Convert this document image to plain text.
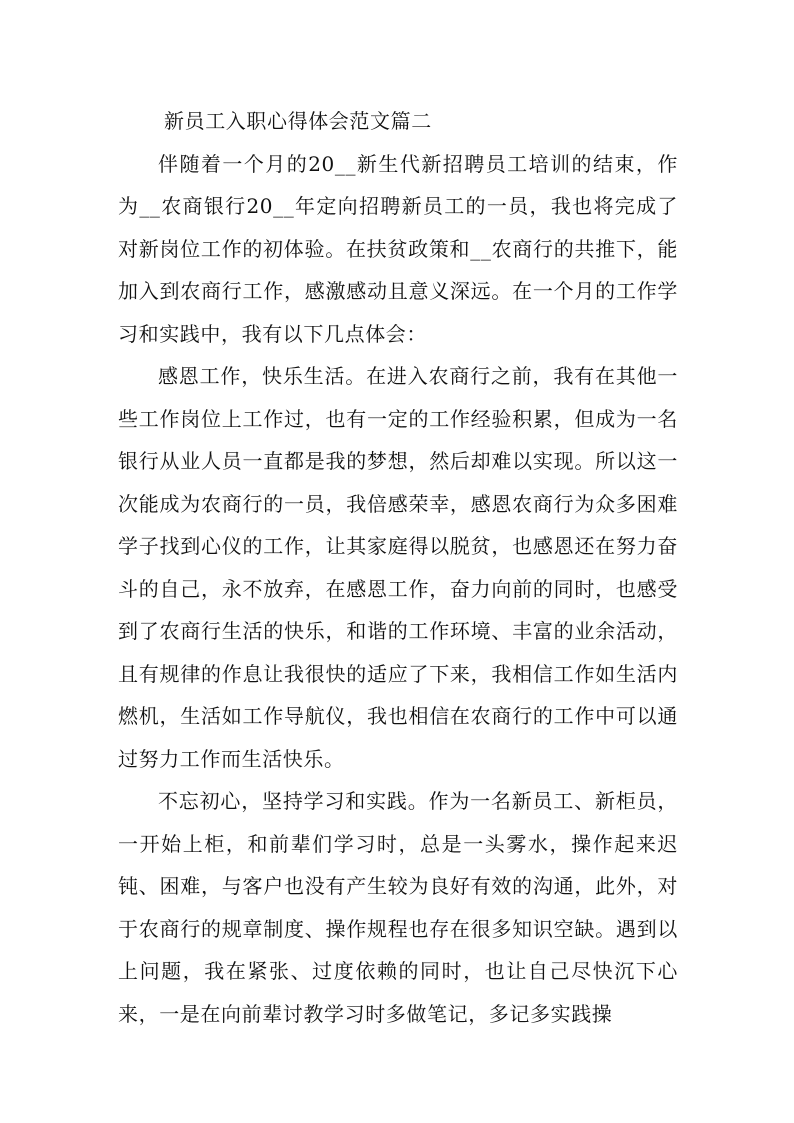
新员工入职心得体会范文篇二

伴随着一个月的20__新生代新招聘员工培训的结束，作为__农商银行20__年定向招聘新员工的一员，我也将完成了对新岗位工作的初体验。在扶贫政策和__农商行的共推下，能加入到农商行工作，感激感动且意义深远。在一个月的工作学习和实践中，我有以下几点体会：

感恩工作，快乐生活。在进入农商行之前，我有在其他一些工作岗位上工作过，也有一定的工作经验积累，但成为一名银行从业人员一直都是我的梦想，然后却难以实现。所以这一次能成为农商行的一员，我倍感荣幸，感恩农商行为众多困难学子找到心仪的工作，让其家庭得以脱贫，也感恩还在努力奋斗的自己，永不放弃，在感恩工作，奋力向前的同时，也感受到了农商行生活的快乐，和谐的工作环境、丰富的业余活动，且有规律的作息让我很快的适应了下来，我相信工作如生活内燃机，生活如工作导航仪，我也相信在农商行的工作中可以通过努力工作而生活快乐。

不忘初心，坚持学习和实践。作为一名新员工、新柜员，一开始上柜，和前辈们学习时，总是一头雾水，操作起来迟钝、困难，与客户也没有产生较为良好有效的沟通，此外，对于农商行的规章制度、操作规程也存在很多知识空缺。遇到以上问题，我在紧张、过度依赖的同时，也让自己尽快沉下心来，一是在向前辈讨教学习时多做笔记，多记多实践操
